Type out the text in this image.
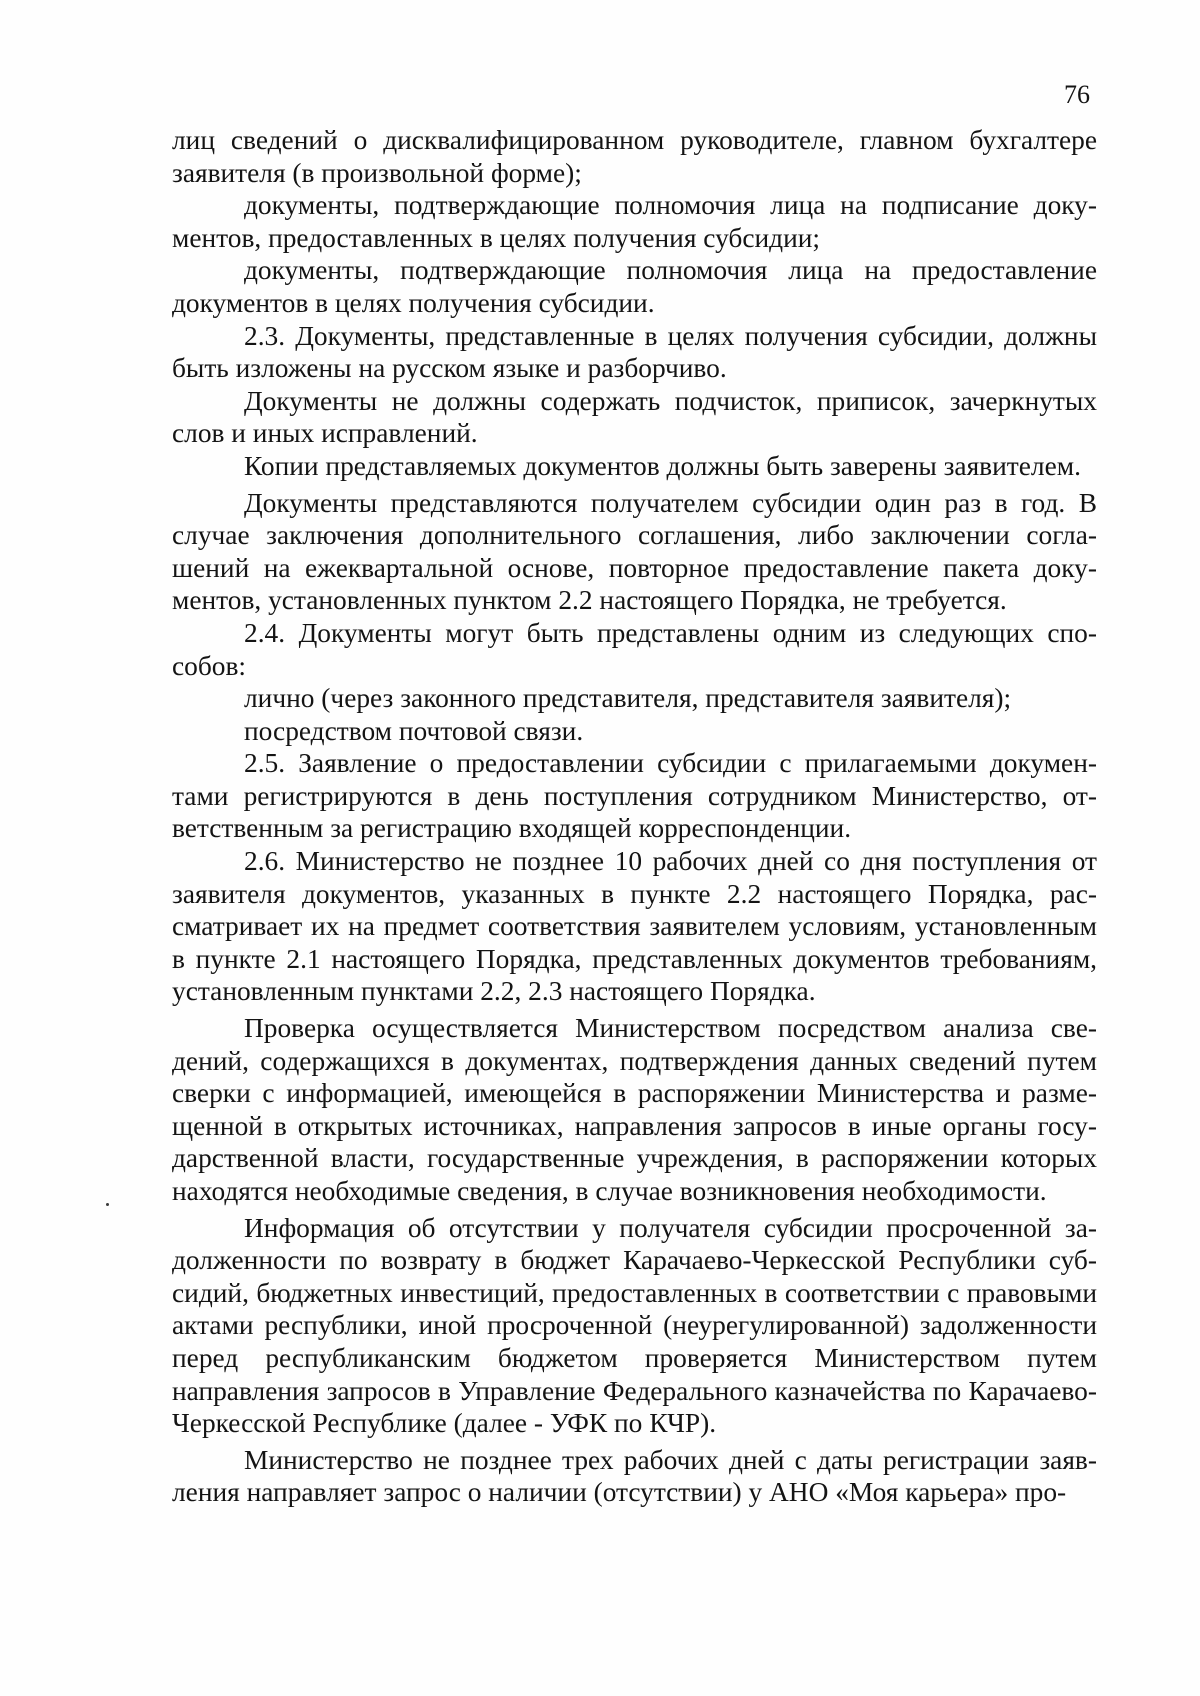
76

лиц сведений о дисквалифицированном руководителе, главном бухгалтере заявителя (в произвольной форме);

документы, подтверждающие полномочия лица на подписание документов, предоставленных в целях получения субсидии;

документы, подтверждающие полномочия лица на предоставление документов в целях получения субсидии.

2.3. Документы, представленные в целях получения субсидии, должны быть изложены на русском языке и разборчиво.

Документы не должны содержать подчисток, приписок, зачеркнутых слов и иных исправлений.

Копии представляемых документов должны быть заверены заявителем.

Документы представляются получателем субсидии один раз в год. В случае заключения дополнительного соглашения, либо заключении соглашений на ежеквартальной основе, повторное предоставление пакета документов, установленных пунктом 2.2 настоящего Порядка, не требуется.

2.4. Документы могут быть представлены одним из следующих способов:

лично (через законного представителя, представителя заявителя);

посредством почтовой связи.

2.5. Заявление о предоставлении субсидии с прилагаемыми документами регистрируются в день поступления сотрудником Министерство, ответственным за регистрацию входящей корреспонденции.

2.6. Министерство не позднее 10 рабочих дней со дня поступления от заявителя документов, указанных в пункте 2.2 настоящего Порядка, рассматривает их на предмет соответствия заявителем условиям, установленным в пункте 2.1 настоящего Порядка, представленных документов требованиям, установленным пунктами 2.2, 2.3 настоящего Порядка.

Проверка осуществляется Министерством посредством анализа сведений, содержащихся в документах, подтверждения данных сведений путем сверки с информацией, имеющейся в распоряжении Министерства и размещенной в открытых источниках, направления запросов в иные органы государственной власти, государственные учреждения, в распоряжении которых находятся необходимые сведения, в случае возникновения необходимости.

Информация об отсутствии у получателя субсидии просроченной задолженности по возврату в бюджет Карачаево-Черкесской Республики субсидий, бюджетных инвестиций, предоставленных в соответствии с правовыми актами республики, иной просроченной (неурегулированной) задолженности перед республиканским бюджетом проверяется Министерством путем направления запросов в Управление Федерального казначейства по Карачаево-Черкесской Республике (далее - УФК по КЧР).

Министерство не позднее трех рабочих дней с даты регистрации заявления направляет запрос о наличии (отсутствии) у АНО «Моя карьера» про-
